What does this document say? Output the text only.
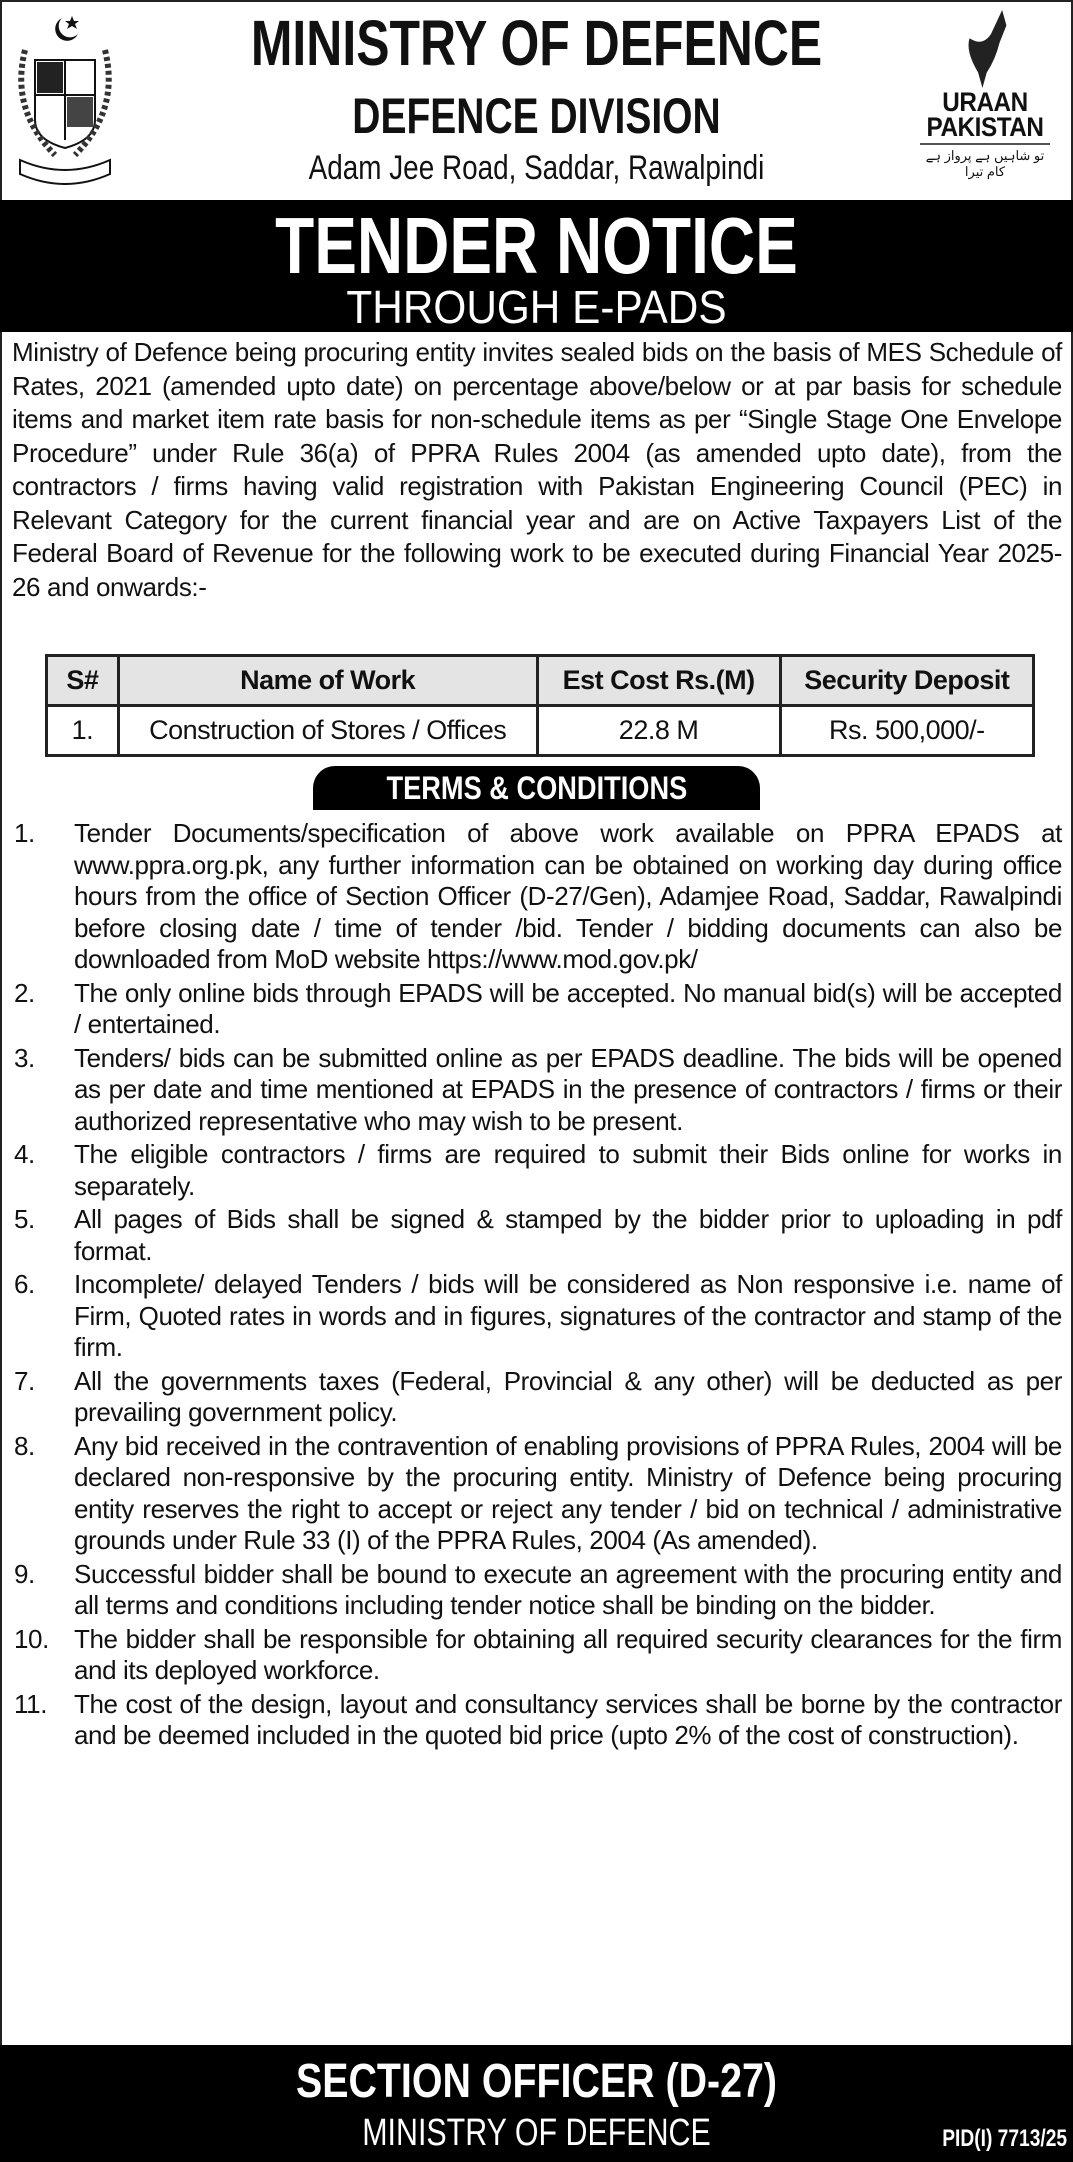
URAAN
PAKISTAN
تو شاہیں ہے پرواز ہے کام تیرا
MINISTRY OF DEFENCE
DEFENCE DIVISION
Adam Jee Road, Saddar, Rawalpindi
TENDER NOTICE
THROUGH E-PADS

Ministry of Defence being procuring entity invites sealed bids on the basis of MES Schedule of Rates, 2021 (amended upto date) on percentage above/below or at par basis for schedule items and market item rate basis for non-schedule items as per “Single Stage One Envelope Procedure” under Rule 36(a) of PPRA Rules 2004 (as amended upto date), from the contractors / firms having valid registration with Pakistan Engineering Council (PEC) in Relevant Category for the current financial year and are on Active Taxpayers List of the Federal Board of Revenue for the following work to be executed during Financial Year 2025-26 and onwards:-

S#	Name of Work	Est Cost Rs.(M)	Security Deposit
1.	Construction of Stores / Offices	22.8 M	Rs. 500,000/-
TERMS & CONDITIONS
1. Tender Documents/specification of above work available on PPRA EPADS at www.ppra.org.pk, any further information can be obtained on working day during office hours from the office of Section Officer (D-27/Gen), Adamjee Road, Saddar, Rawalpindi before closing date / time of tender /bid. Tender / bidding documents can also be downloaded from MoD website https://www.mod.gov.pk/
2. The only online bids through EPADS will be accepted. No manual bid(s) will be accepted / entertained.
3. Tenders/ bids can be submitted online as per EPADS deadline. The bids will be opened as per date and time mentioned at EPADS in the presence of contractors / firms or their authorized representative who may wish to be present.
4. The eligible contractors / firms are required to submit their Bids online for works in separately.
5. All pages of Bids shall be signed & stamped by the bidder prior to uploading in pdf format.
6. Incomplete/ delayed Tenders / bids will be considered as Non responsive i.e. name of Firm, Quoted rates in words and in figures, signatures of the contractor and stamp of the firm.
7. All the governments taxes (Federal, Provincial & any other) will be deducted as per prevailing government policy.
8. Any bid received in the contravention of enabling provisions of PPRA Rules, 2004 will be declared non-responsive by the procuring entity. Ministry of Defence being procuring entity reserves the right to accept or reject any tender / bid on technical / administrative grounds under Rule 33 (I) of the PPRA Rules, 2004 (As amended).
9. Successful bidder shall be bound to execute an agreement with the procuring entity and all terms and conditions including tender notice shall be binding on the bidder.
10. The bidder shall be responsible for obtaining all required security clearances for the firm and its deployed workforce.
11. The cost of the design, layout and consultancy services shall be borne by the contractor and be deemed included in the quoted bid price (upto 2% of the cost of construction).
SECTION OFFICER (D-27)
MINISTRY OF DEFENCE	PID(I) 7713/25
